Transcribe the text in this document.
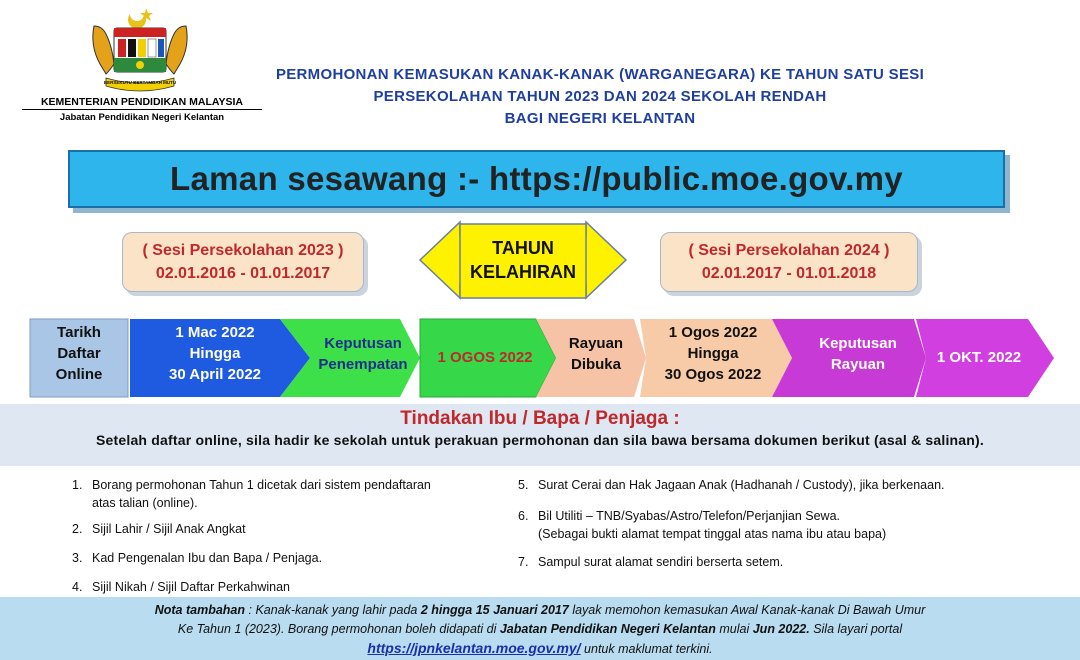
BERSEKUTU BERTAMBAH MUTU
KEMENTERIAN PENDIDIKAN MALAYSIA
Jabatan Pendidikan Negeri Kelantan
PERMOHONAN KEMASUKAN KANAK-KANAK (WARGANEGARA) KE TAHUN SATU SESI
PERSEKOLAHAN TAHUN 2023 DAN 2024 SEKOLAH RENDAH
BAGI NEGERI KELANTAN
Laman sesawang :- https://public.moe.gov.my
( Sesi Persekolahan 2023 )
02.01.2016 - 01.01.2017
TAHUN
KELAHIRAN
( Sesi Persekolahan 2024 )
02.01.2017 - 01.01.2018
Tarikh
Daftar
Online
1 Mac 2022
Hingga
30 April 2022
Keputusan
Penempatan	1 OGOS 2022
Rayuan
Dibuka
1 Ogos 2022
Hingga
30 Ogos 2022
Keputusan
Rayuan	1 OKT. 2022
Tindakan Ibu / Bapa / Penjaga :
Setelah daftar online, sila hadir ke sekolah untuk perakuan permohonan dan sila bawa bersama dokumen berikut (asal & salinan).
1. Borang permohonan Tahun 1 dicetak dari sistem pendaftaran
atas talian (online).
2. Sijil Lahir / Sijil Anak Angkat
3. Kad Pengenalan Ibu dan Bapa / Penjaga.
4. Sijil Nikah / Sijil Daftar Perkahwinan
5. Surat Cerai dan Hak Jagaan Anak (Hadhanah / Custody), jika berkenaan.
6. Bil Utiliti – TNB/Syabas/Astro/Telefon/Perjanjian Sewa.
(Sebagai bukti alamat tempat tinggal atas nama ibu atau bapa)
7. Sampul surat alamat sendiri berserta setem.
Nota tambahan : Kanak-kanak yang lahir pada 2 hingga 15 Januari 2017 layak memohon kemasukan Awal Kanak-kanak Di Bawah Umur
Ke Tahun 1 (2023). Borang permohonan boleh didapati di Jabatan Pendidikan Negeri Kelantan mulai Jun 2022. Sila layari portal
https://jpnkelantan.moe.gov.my/ untuk maklumat terkini.
